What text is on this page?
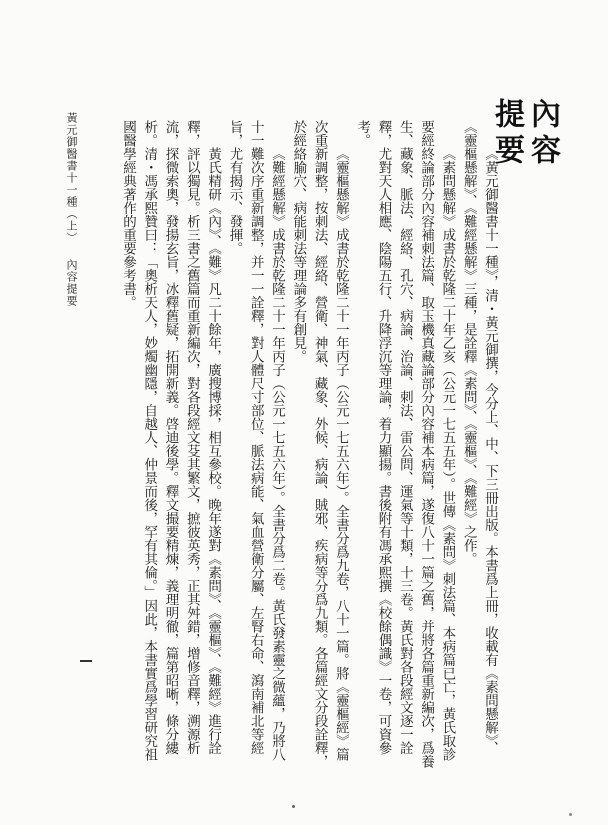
內容提要

《黃元御醫書十一種》，清・黃元御撰，今分上、中、下三冊出版。本書爲上冊，收載有《素問懸解》、《靈樞懸解》、《難經懸解》三種，是詮釋《素問》、《靈樞》、《難經》之作。

《素問懸解》成書於乾隆二十年乙亥（公元一七五五年）。世傳《素問》刺法篇、本病篇已亡，黃氏取診要經終論部分內容補刺法篇、取玉機真藏論部分內容補本病篇，遂復八十一篇之舊，并將各篇重新編次，爲養生、藏象、脈法、經絡、孔穴、病論、治論、刺法、雷公問、運氣等十類，十三卷。黃氏對各段經文逐一詮釋，尤對天人相應、陰陽五行、升降浮沉等理論，着力顯揚。書後附有馮承熙撰《校餘偶識》一卷，可資參考。

《靈樞懸解》成書於乾隆二十一年丙子（公元一七五六年）。全書分爲九卷，八十一篇。將《靈樞經》篇次重新調整，按刺法、經絡、營衛、神氣、藏象、外候、病論、賊邪、疾病等分爲九類。各篇經文分段詮釋，於經絡腧穴、病能刺法等理論多有創見。

《難經懸解》成書於乾隆二十一年丙子（公元一七五六年）。全書分爲二卷。黃氏發素靈之微蘊，乃將八十一難次序重新調整，并一一詮釋，對人體尺寸部位、脈法病能、氣血營衛分屬、左腎右命、瀉南補北等經旨，尤有揭示、發揮。

黃氏精研《內》、《難》凡二十餘年，廣搜博採，相互參校。晚年遂對《素問》、《靈樞》、《難經》進行詮釋，評以獨見。析三書之舊篇而重新編次，對各段經文芟其繁文，摭彼英秀，正其舛錯，增修音釋，溯源析流，探微索奧，發揚玄旨，冰釋舊疑，拓開新義。啓迪後學。釋文撮要精煉，義理明徹，篇第昭晰，條分縷析。清・馮承熙贊曰：「奧析天人，妙燭幽隱，自越人、仲景而後，罕有其倫。」因此，本書實爲學習研究祖國醫學經典著作的重要參考書。

黃元御醫書十一種（上） 內容提要
